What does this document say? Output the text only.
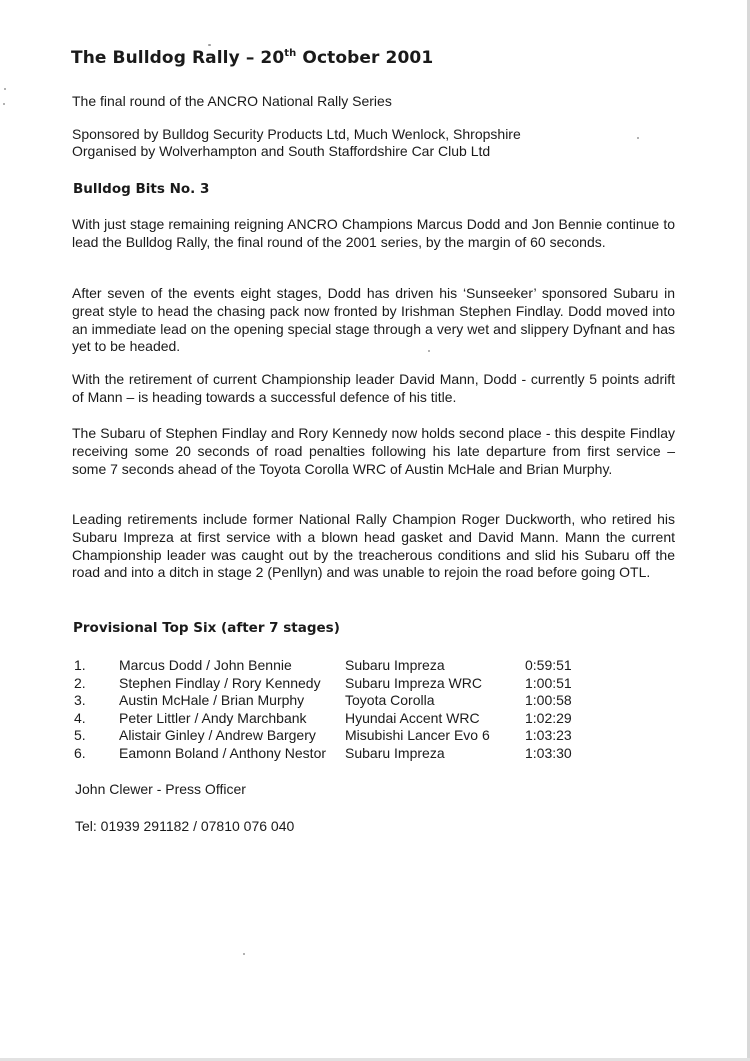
The Bulldog Rally – 20th October 2001

The final round of the ANCRO National Rally Series

Sponsored by Bulldog Security Products Ltd, Much Wenlock, Shropshire

Organised by Wolverhampton and South Staffordshire Car Club Ltd

Bulldog Bits No. 3

With just stage remaining reigning ANCRO Champions Marcus Dodd and Jon Bennie continue to lead the Bulldog Rally, the final round of the 2001 series, by the margin of 60 seconds.

After seven of the events eight stages, Dodd has driven his ‘Sunseeker’ sponsored Subaru in great style to head the chasing pack now fronted by Irishman Stephen Findlay. Dodd moved into an immediate lead on the opening special stage through a very wet and slippery Dyfnant and has yet to be headed.

With the retirement of current Championship leader David Mann, Dodd - currently 5 points adrift of Mann – is heading towards a successful defence of his title.

The Subaru of Stephen Findlay and Rory Kennedy now holds second place - this despite Findlay receiving some 20 seconds of road penalties following his late departure from first service – some 7 seconds ahead of the Toyota Corolla WRC of Austin McHale and Brian Murphy.

Leading retirements include former National Rally Champion Roger Duckworth, who retired his Subaru Impreza at first service with a blown head gasket and David Mann. Mann the current Championship leader was caught out by the treacherous conditions and slid his Subaru off the road and into a ditch in stage 2 (Penllyn) and was unable to rejoin the road before going OTL.

Provisional Top Six (after 7 stages)
1.	Marcus Dodd / John Bennie	Subaru Impreza	0:59:51
2.	Stephen Findlay / Rory Kennedy	Subaru Impreza WRC	1:00:51
3.	Austin McHale / Brian Murphy	Toyota Corolla	1:00:58
4.	Peter Littler / Andy Marchbank	Hyundai Accent WRC	1:02:29
5.	Alistair Ginley / Andrew Bargery	Misubishi Lancer Evo 6	1:03:23
6.	Eamonn Boland / Anthony Nestor	Subaru Impreza	1:03:30

John Clewer - Press Officer

Tel: 01939 291182 / 07810 076 040
